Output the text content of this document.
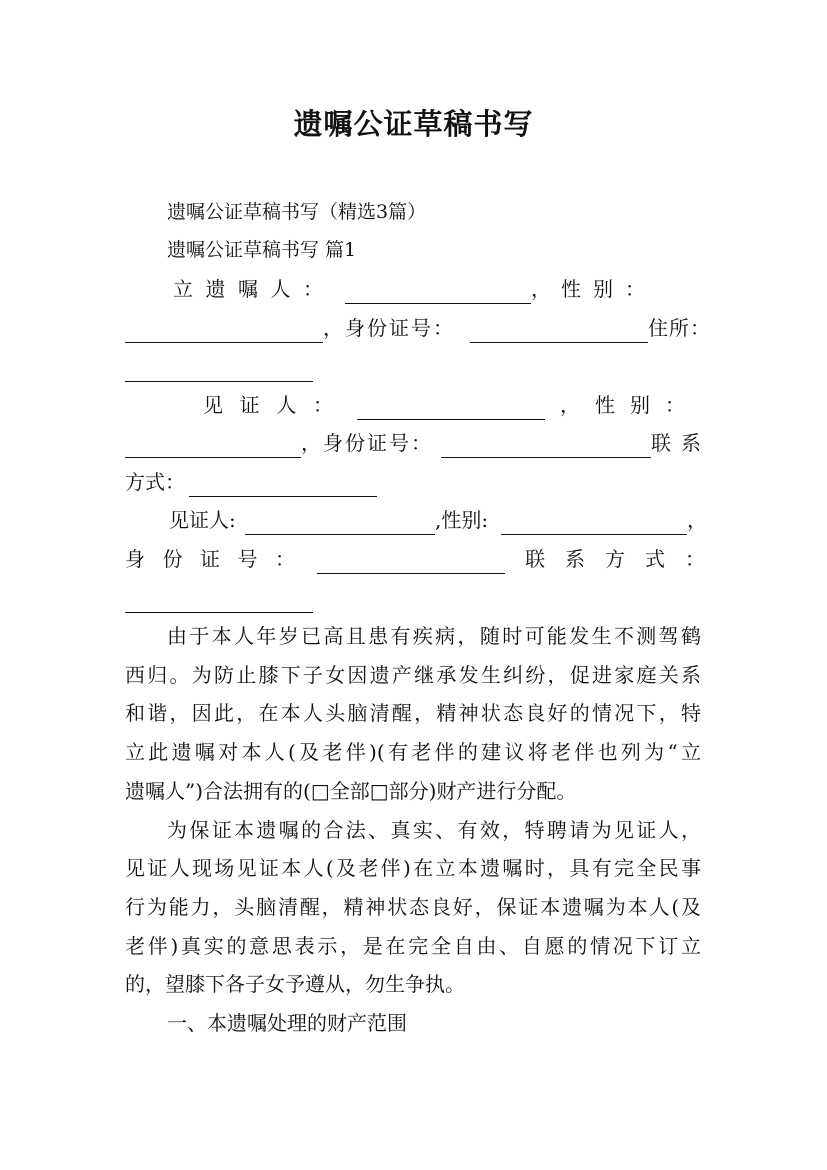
遗嘱公证草稿书写
遗嘱公证草稿书写（精选3篇）
遗嘱公证草稿书写 篇1
立遗嘱人：	， 性别：
，身份证号：	住所：
见证人：	， 性别：
，身份证号：	联系
方式：
见证人:	,性别:	，
身份证号：	联系方式：
由于本人年岁已高且患有疾病，随时可能发生不测驾鹤
西归。为防止膝下子女因遗产继承发生纠纷，促进家庭关系
和谐，因此，在本人头脑清醒，精神状态良好的情况下，特
立此遗嘱对本人(及老伴)(有老伴的建议将老伴也列为“立
遗嘱人”)合法拥有的(□全部□部分)财产进行分配。
为保证本遗嘱的合法、真实、有效，特聘请为见证人，
见证人现场见证本人(及老伴)在立本遗嘱时，具有完全民事
行为能力，头脑清醒，精神状态良好，保证本遗嘱为本人(及
老伴)真实的意思表示，是在完全自由、自愿的情况下订立
的，望膝下各子女予遵从，勿生争执。
一、本遗嘱处理的财产范围
